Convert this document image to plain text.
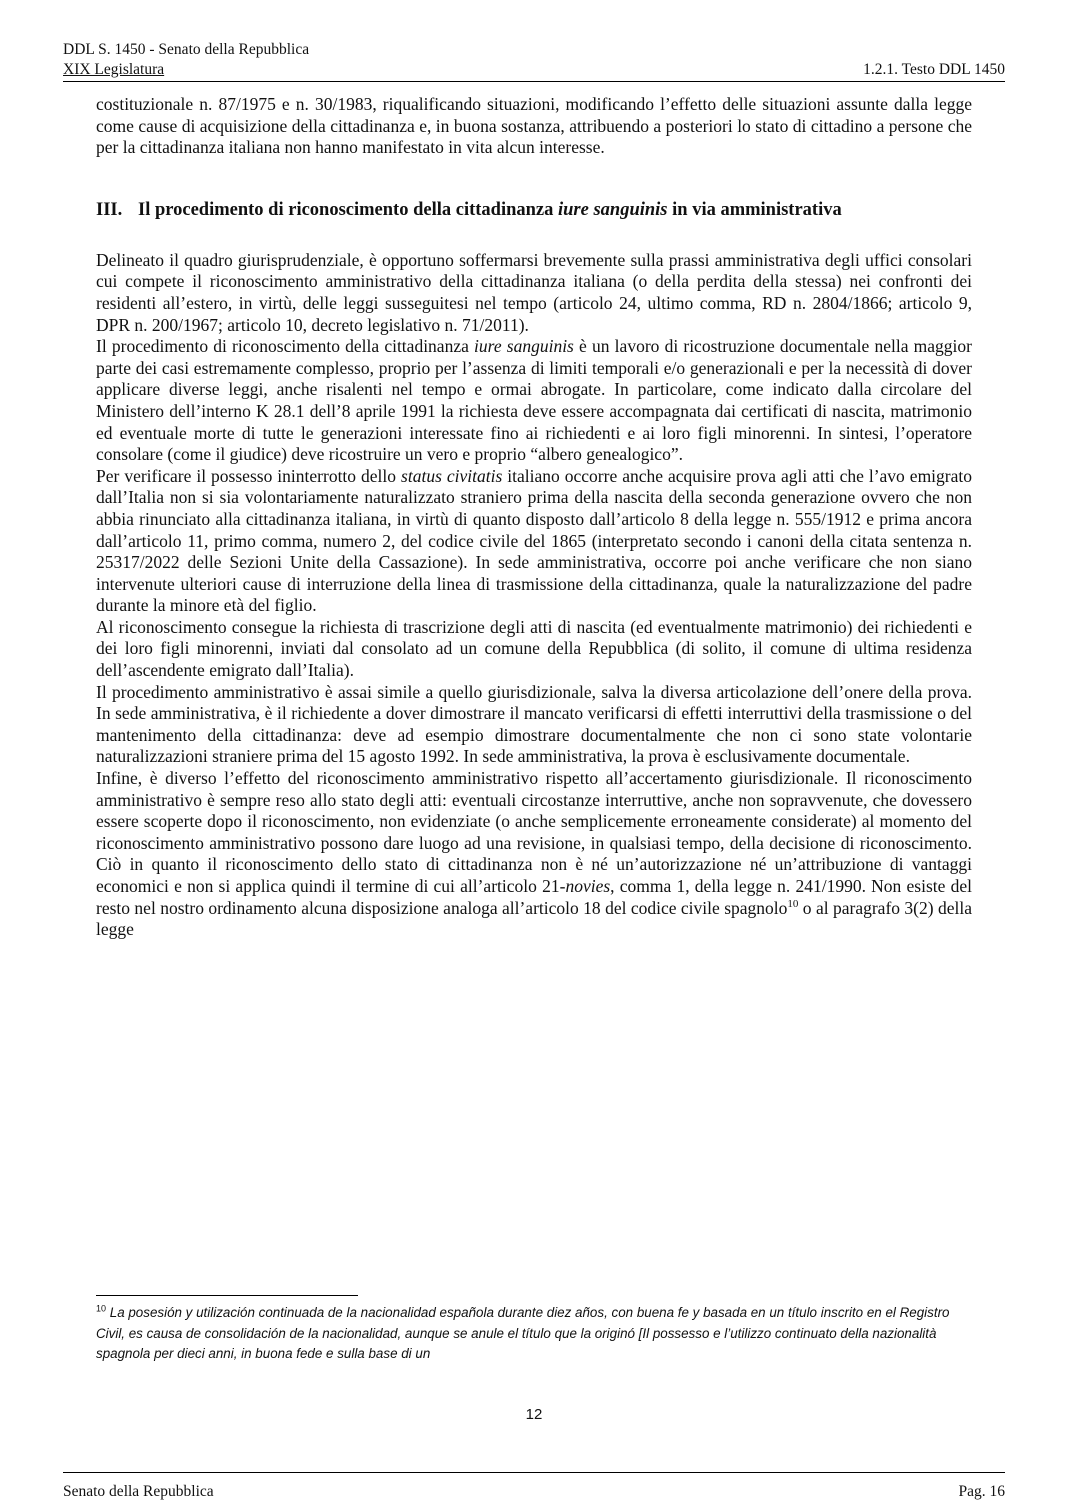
DDL S. 1450 - Senato della Repubblica
XIX Legislatura	1.2.1. Testo DDL 1450

costituzionale n. 87/1975 e n. 30/1983, riqualificando situazioni, modificando l’effetto delle situazioni assunte dalla legge come cause di acquisizione della cittadinanza e, in buona sostanza, attribuendo a posteriori lo stato di cittadino a persone che per la cittadinanza italiana non hanno manifestato in vita alcun interesse.

III. Il procedimento di riconoscimento della cittadinanza iure sanguinis in via amministrativa

Delineato il quadro giurisprudenziale, è opportuno soffermarsi brevemente sulla prassi amministrativa degli uffici consolari cui compete il riconoscimento amministrativo della cittadinanza italiana (o della perdita della stessa) nei confronti dei residenti all’estero, in virtù, delle leggi susseguitesi nel tempo (articolo 24, ultimo comma, RD n. 2804/1866; articolo 9, DPR n. 200/1967; articolo 10, decreto legislativo n. 71/2011).

Il procedimento di riconoscimento della cittadinanza iure sanguinis è un lavoro di ricostruzione documentale nella maggior parte dei casi estremamente complesso, proprio per l’assenza di limiti temporali e/o generazionali e per la necessità di dover applicare diverse leggi, anche risalenti nel tempo e ormai abrogate. In particolare, come indicato dalla circolare del Ministero dell’interno K 28.1 dell’8 aprile 1991 la richiesta deve essere accompagnata dai certificati di nascita, matrimonio ed eventuale morte di tutte le generazioni interessate fino ai richiedenti e ai loro figli minorenni. In sintesi, l’operatore consolare (come il giudice) deve ricostruire un vero e proprio “albero genealogico”.

Per verificare il possesso ininterrotto dello status civitatis italiano occorre anche acquisire prova agli atti che l’avo emigrato dall’Italia non si sia volontariamente naturalizzato straniero prima della nascita della seconda generazione ovvero che non abbia rinunciato alla cittadinanza italiana, in virtù di quanto disposto dall’articolo 8 della legge n. 555/1912 e prima ancora dall’articolo 11, primo comma, numero 2, del codice civile del 1865 (interpretato secondo i canoni della citata sentenza n. 25317/2022 delle Sezioni Unite della Cassazione). In sede amministrativa, occorre poi anche verificare che non siano intervenute ulteriori cause di interruzione della linea di trasmissione della cittadinanza, quale la naturalizzazione del padre durante la minore età del figlio.

Al riconoscimento consegue la richiesta di trascrizione degli atti di nascita (ed eventualmente matrimonio) dei richiedenti e dei loro figli minorenni, inviati dal consolato ad un comune della Repubblica (di solito, il comune di ultima residenza dell’ascendente emigrato dall’Italia).

Il procedimento amministrativo è assai simile a quello giurisdizionale, salva la diversa articolazione dell’onere della prova. In sede amministrativa, è il richiedente a dover dimostrare il mancato verificarsi di effetti interruttivi della trasmissione o del mantenimento della cittadinanza: deve ad esempio dimostrare documentalmente che non ci sono state volontarie naturalizzazioni straniere prima del 15 agosto 1992. In sede amministrativa, la prova è esclusivamente documentale.

Infine, è diverso l’effetto del riconoscimento amministrativo rispetto all’accertamento giurisdizionale. Il riconoscimento amministrativo è sempre reso allo stato degli atti: eventuali circostanze interruttive, anche non sopravvenute, che dovessero essere scoperte dopo il riconoscimento, non evidenziate (o anche semplicemente erroneamente considerate) al momento del riconoscimento amministrativo possono dare luogo ad una revisione, in qualsiasi tempo, della decisione di riconoscimento. Ciò in quanto il riconoscimento dello stato di cittadinanza non è né un’autorizzazione né un’attribuzione di vantaggi economici e non si applica quindi il termine di cui all’articolo 21-novies, comma 1, della legge n. 241/1990. Non esiste del resto nel nostro ordinamento alcuna disposizione analoga all’articolo 18 del codice civile spagnolo$^{10}$ o al paragrafo 3(2) della legge

$^{10}$ La posesión y utilización continuada de la nacionalidad española durante diez años, con buena fe y basada en un título inscrito en el Registro Civil, es causa de consolidación de la nacionalidad, aunque se anule el título que la originó [Il possesso e l’utilizzo continuato della nazionalità spagnola per dieci anni, in buona fede e sulla base di un
12
Senato della Repubblica	Pag. 16
